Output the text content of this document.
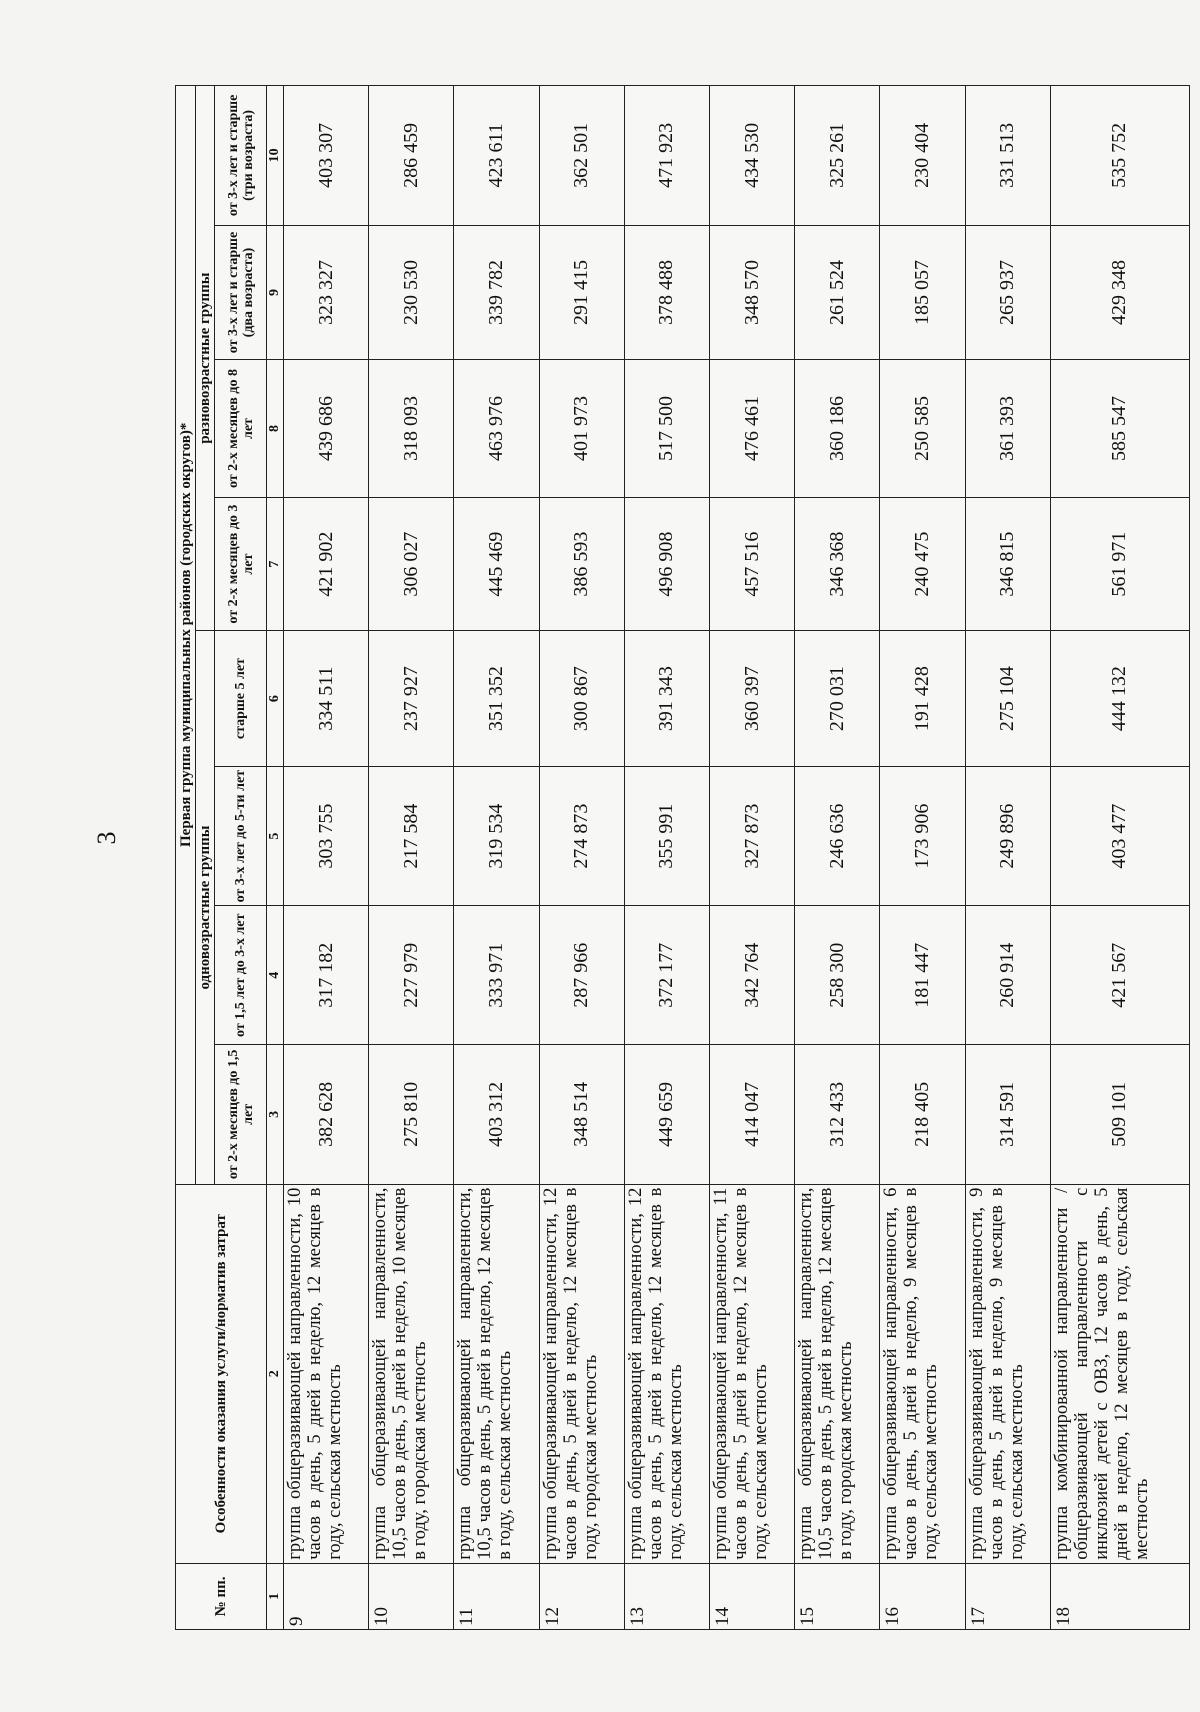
3
№ пп.	Особенности оказания услуги/норматив затрат	Первая группа муниципальных районов (городских округов)*							
		одновозрастные группы				разновозрастные группы			
		от 2-х месяцев до 1,5 лет	от 1,5 лет до 3-х лет	от 3-х лет до 5-ти лет	старше 5 лет	от 2-х месяцев до 3 лет	от 2-х месяцев до 8 лет	от 3-х лет и старше (два возраста)	от 3-х лет и старше (три возраста)
1	2	3	4	5	6	7	8	9	10
9	группа общеразвивающей направленности, 10 часов в день, 5 дней в неделю, 12 месяцев в году, сельская местность	382 628	317 182	303 755	334 511	421 902	439 686	323 327	403 307
10	группа общеразвивающей направленности, 10,5 часов в день, 5 дней в неделю, 10 месяцев в году, городская местность	275 810	227 979	217 584	237 927	306 027	318 093	230 530	286 459
11	группа общеразвивающей направленности, 10,5 часов в день, 5 дней в неделю, 12 месяцев в году, сельская местность	403 312	333 971	319 534	351 352	445 469	463 976	339 782	423 611
12	группа общеразвивающей направленности, 12 часов в день, 5 дней в неделю, 12 месяцев в году, городская местность	348 514	287 966	274 873	300 867	386 593	401 973	291 415	362 501
13	группа общеразвивающей направленности, 12 часов в день, 5 дней в неделю, 12 месяцев в году, сельская местность	449 659	372 177	355 991	391 343	496 908	517 500	378 488	471 923
14	группа общеразвивающей направленности, 11 часов в день, 5 дней в неделю, 12 месяцев в году, сельская местность	414 047	342 764	327 873	360 397	457 516	476 461	348 570	434 530
15	группа общеразвивающей направленности, 10,5 часов в день, 5 дней в неделю, 12 месяцев в году, городская местность	312 433	258 300	246 636	270 031	346 368	360 186	261 524	325 261
16	группа общеразвивающей направленности, 6 часов в день, 5 дней в неделю, 9 месяцев в году, сельская местность	218 405	181 447	173 906	191 428	240 475	250 585	185 057	230 404
17	группа общеразвивающей направленности, 9 часов в день, 5 дней в неделю, 9 месяцев в году, сельская местность	314 591	260 914	249 896	275 104	346 815	361 393	265 937	331 513
18	группа комбинированной направленности / общеразвивающей направленности с инклюзией детей с ОВЗ, 12 часов в день, 5 дней в неделю, 12 месяцев в году, сельская местность	509 101	421 567	403 477	444 132	561 971	585 547	429 348	535 752
